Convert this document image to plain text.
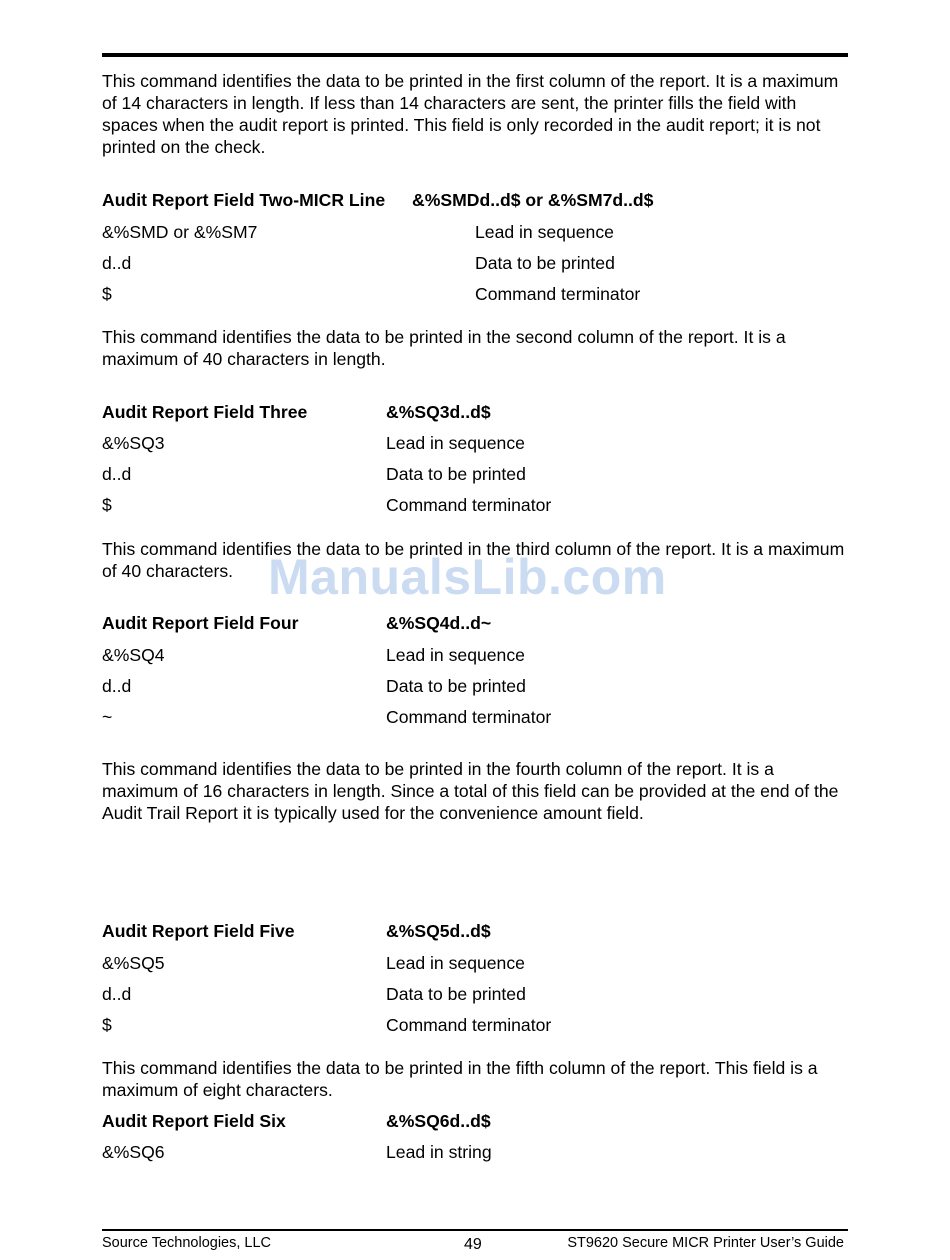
This command identifies the data to be printed in the first column of the report. It is a maximum of 14 characters in length. If less than 14 characters are sent, the printer fills the field with spaces when the audit report is printed. This field is only recorded in the audit report; it is not printed on the check.

Audit Report Field Two-MICR Line &%SMDd..d$ or &%SM7d..d$
&%SMD or &%SM7	Lead in sequence
d..d	Data to be printed
$	Command terminator

This command identifies the data to be printed in the second column of the report. It is a maximum of 40 characters in length.

Audit Report Field Three	&%SQ3d..d$
&%SQ3	Lead in sequence
d..d	Data to be printed
$	Command terminator

This command identifies the data to be printed in the third column of the report. It is a maximum of 40 characters. ManualsLib.com
Audit Report Field Four	&%SQ4d..d~
&%SQ4	Lead in sequence
d..d	Data to be printed
~	Command terminator

This command identifies the data to be printed in the fourth column of the report. It is a maximum of 16 characters in length. Since a total of this field can be provided at the end of the Audit Trail Report it is typically used for the convenience amount field.

Audit Report Field Five	&%SQ5d..d$
&%SQ5	Lead in sequence
d..d	Data to be printed
$	Command terminator

This command identifies the data to be printed in the fifth column of the report. This field is a maximum of eight characters.

Audit Report Field Six	&%SQ6d..d$
&%SQ6	Lead in string
Source Technologies, LLC	49	ST9620 Secure MICR Printer User’s Guide
